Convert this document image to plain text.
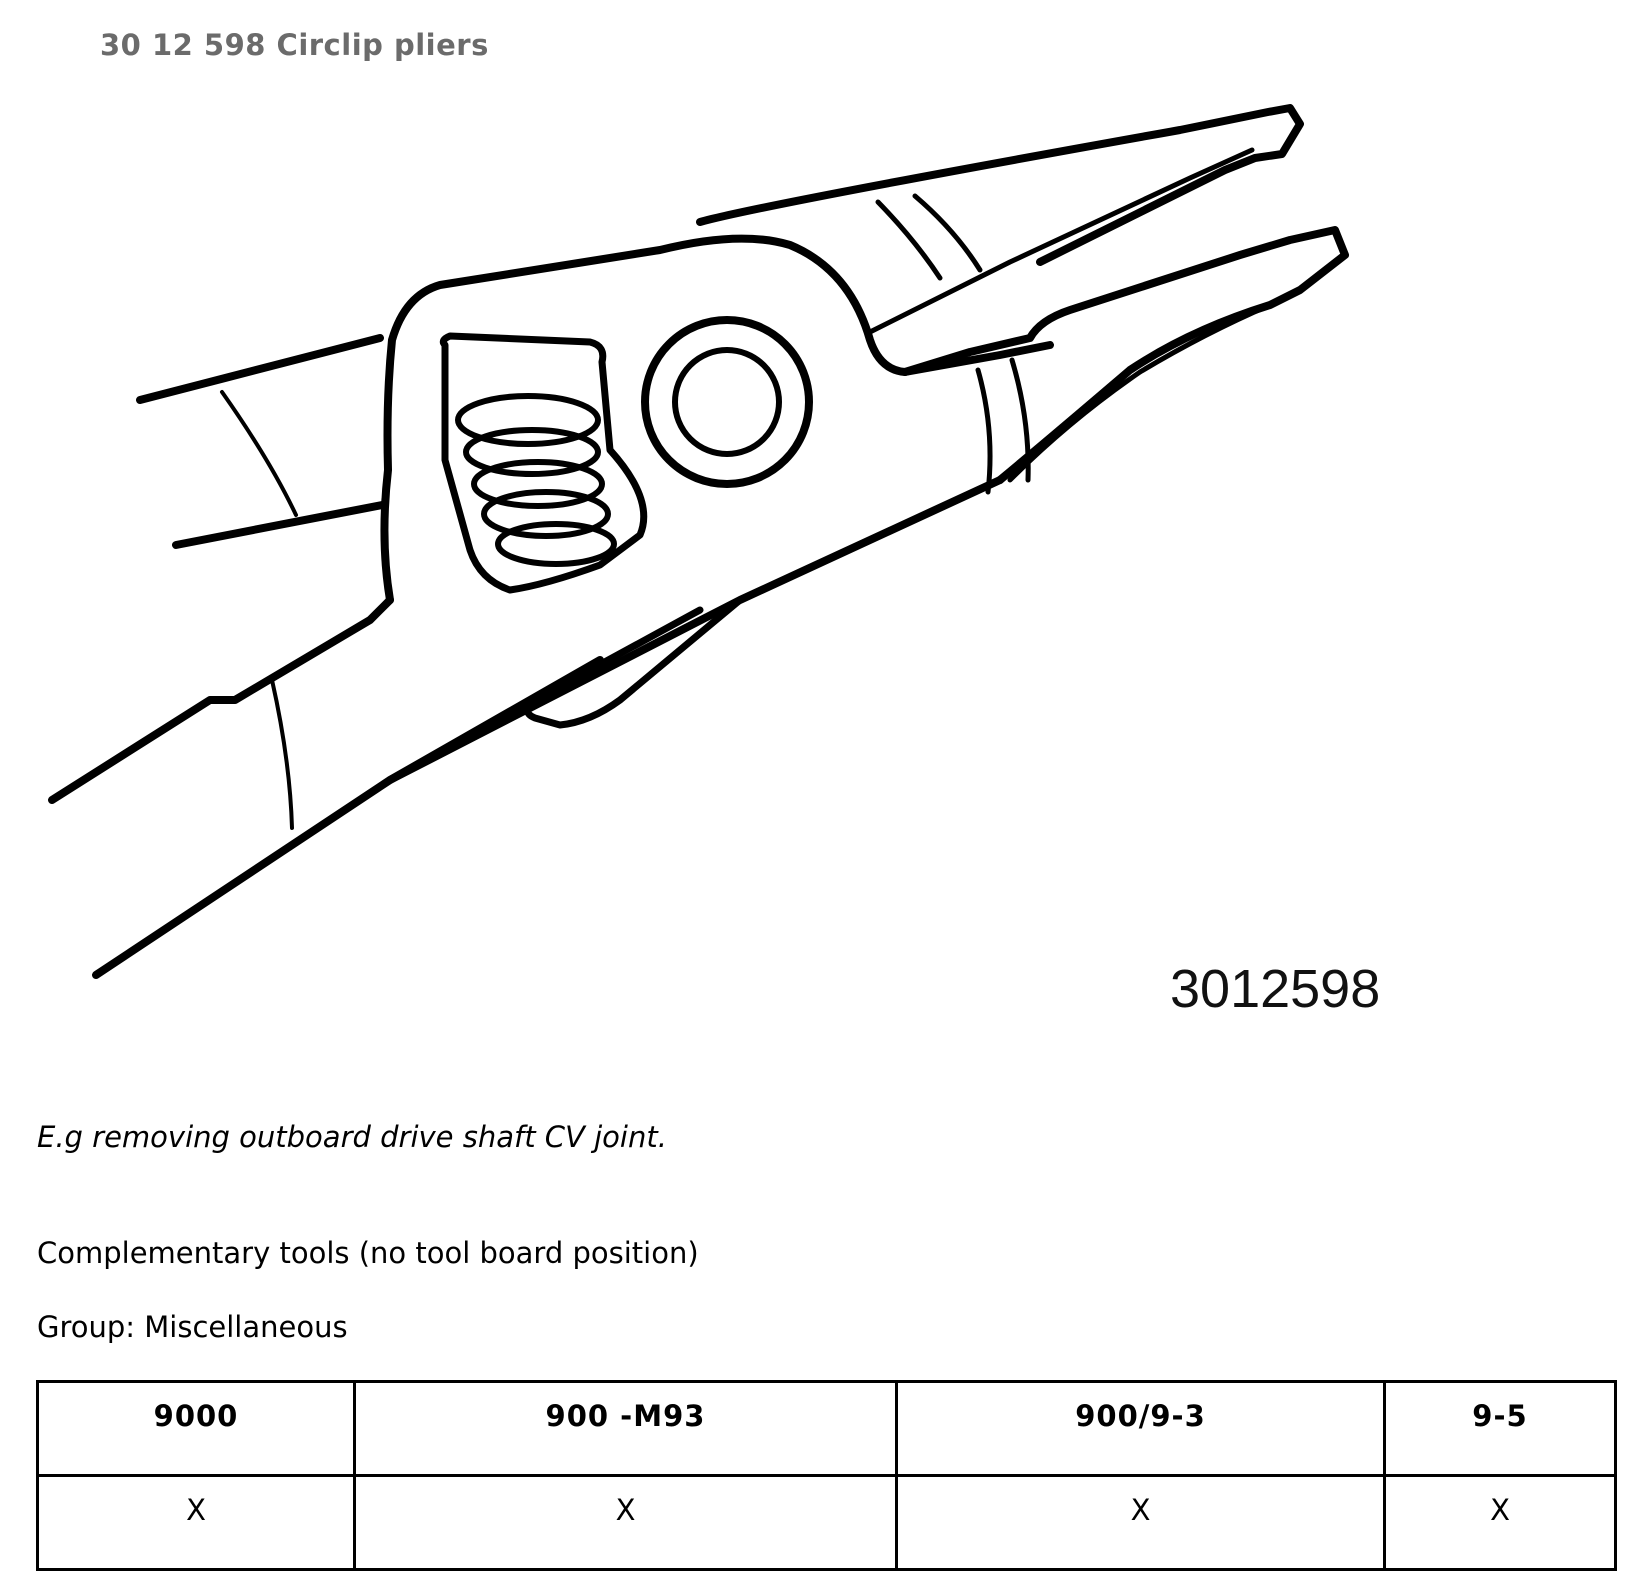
30 12 598 Circlip pliers
3012598
E.g removing outboard drive shaft CV joint.
Complementary tools (no tool board position)
Group: Miscellaneous
9000	900 -M93	900/9-3	9-5
X	X	X	X
